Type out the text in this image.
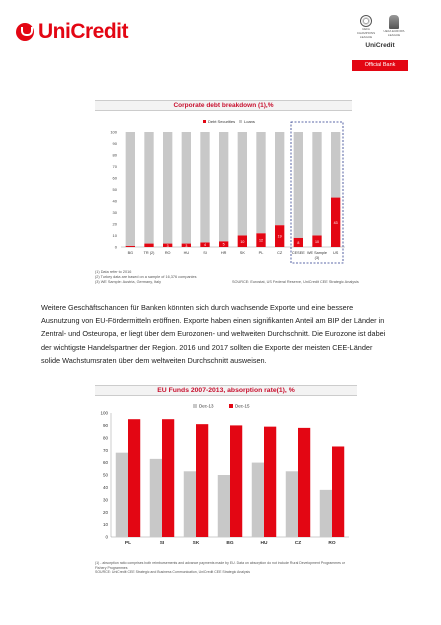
UniCredit	UEFA CHAMPIONS LEAGUE
UEFA EUROPA LEAGUE
UniCredit
Official Bank
Corporate debt breakdown (1),%
Debt Securities Loans
0
10
20
30
40
50
60
70
80
90
100
BG	TR (2)
3
RO
3
HU
4
SI
5
HR
10
SK
12
PL
19
CZ
8
CESEE
10
WE Sample
(3)
43
US
(1) Data refer to 2016
(2) Turkey data are based on a sample of 16,376 companies
(3) WE Sample: Austria, Germany, Italy	SOURCE: Eurostat, US Federal Reserve, UniCredit CEE Strategic Analysis
Weitere Geschäftschancen für Banken könnten sich durch wachsende Exporte und eine bessere
Ausnutzung von EU-Fördermitteln eröffnen. Exporte haben einen signifikanten Anteil am BIP der Länder in
Zentral- und Osteuropa, er liegt über dem Eurozonen- und weltweiten Durchschnitt. Die Eurozone ist dabei
der wichtigste Handelspartner der Region. 2016 und 2017 sollten die Exporte der meisten CEE-Länder
solide Wachstumsraten über dem weltweiten Durchschnitt ausweisen.
EU Funds 2007-2013, absorption rate(1), %
Dec-13	Dec-15
0
10
20
30
40
50
60
70
80
90
100
PL	SI	SK	BG	HU	CZ	RO
(1) - absorption ratio comprises both reimbursements and advance payments made by EU. Data on absorption do not include Rural Development Programmes or Fishery Programmes
SOURCE: UniCredit CEE Strategic and Business Communication, UniCredit CEE Strategic Analysis
